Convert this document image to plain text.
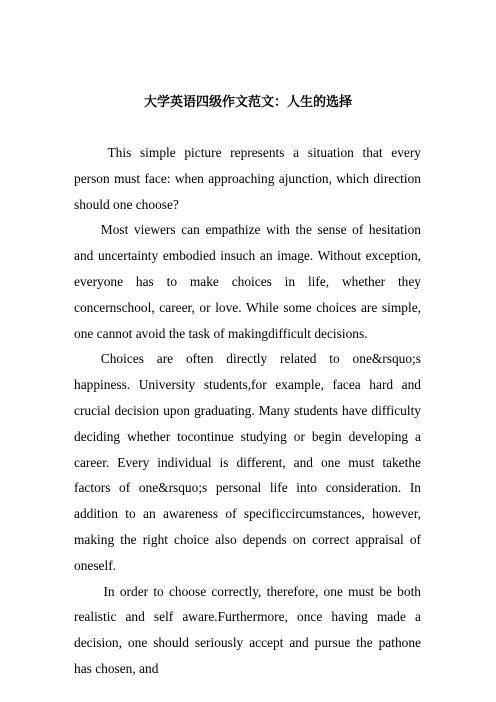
大学英语四级作文范文：人生的选择

This simple picture represents a situation that every person must face: when approaching ajunction, which direction should one choose?

Most viewers can empathize with the sense of hesitation and uncertainty embodied insuch an image. Without exception, everyone has to make choices in life, whether they concernschool, career, or love. While some choices are simple, one cannot avoid the task of makingdifficult decisions.

Choices are often directly related to one&rsquo;s happiness. University students,for example, facea hard and crucial decision upon graduating. Many students have difficulty deciding whether tocontinue studying or begin developing a career. Every individual is different, and one must takethe factors of one&rsquo;s personal life into consideration. In addition to an awareness of specificcircumstances, however, making the right choice also depends on correct appraisal of oneself.

In order to choose correctly, therefore, one must be both realistic and self aware.Furthermore, once having made a decision, one should seriously accept and pursue the pathone has chosen, and
